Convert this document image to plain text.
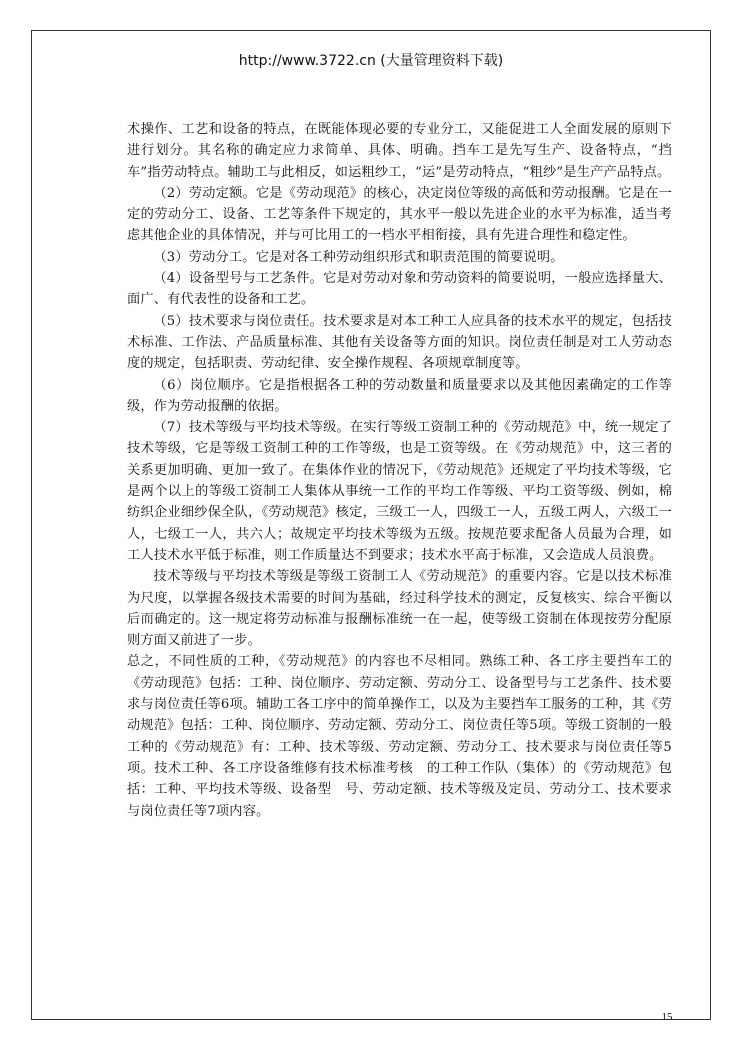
http://www.3722.cn (大量管理资料下载)

术操作、工艺和设备的特点，在既能体现必要的专业分工，又能促进工人全面发展的原则下进行划分。其名称的确定应力求简单、具体、明确。挡车工是先写生产、设备特点，“挡车”指劳动特点。辅助工与此相反，如运粗纱工，“运”是劳动特点，“粗纱”是生产产品特点。

（2）劳动定额。它是《劳动现范》的核心，决定岗位等级的高低和劳动报酬。它是在一定的劳动分工、设备、工艺等条件下规定的，其水平一般以先进企业的水平为标准，适当考虑其他企业的具体情况，并与可比用工的一档水平相衔接，具有先进合理性和稳定性。

（3）劳动分工。它是对各工种劳动组织形式和职责范围的简要说明。

（4）设备型号与工艺条件。它是对劳动对象和劳动资料的简要说明，一般应选择量大、面广、有代表性的设备和工艺。

（5）技术要求与岗位责任。技术要求是对本工种工人应具备的技术水平的规定，包括技术标准、工作法、产品质量标准、其他有关设备等方面的知识。岗位责任制是对工人劳动态度的规定，包括职责、劳动纪律、安全操作规程、各项规章制度等。

（6）岗位顺序。它是指根据各工种的劳动数量和质量要求以及其他因素确定的工作等级，作为劳动报酬的依据。

（7）技术等级与平均技术等级。在实行等级工资制工种的《劳动规范》中，统一规定了技术等级，它是等级工资制工种的工作等级，也是工资等级。在《劳动规范》中，这三者的关系更加明确、更加一致了。在集体作业的情况下，《劳动规范》还规定了平均技术等级，它是两个以上的等级工资制工人集体从事统一工作的平均工作等级、平均工资等级、例如，棉纺织企业细纱保全队，《劳动规范》核定，三级工一人，四级工一人，五级工两人，六级工一人，七级工一人，共六人；故规定平均技术等级为五级。按规范要求配备人员最为合理，如工人技术水平低于标准，则工作质量达不到要求；技术水平高于标准，又会造成人员浪费。

技术等级与平均技术等级是等级工资制工人《劳动规范》的重要内容。它是以技术标准为尺度，以掌握各级技术需要的时间为基础，经过科学技术的测定，反复核实、综合平衡以后而确定的。这一规定将劳动标准与报酬标准统一在一起，使等级工资制在体现按劳分配原则方面又前进了一步。

总之，不同性质的工种，《劳动规范》的内容也不尽相同。熟练工种、各工序主要挡车工的《劳动现范》包括：工种、岗位顺序、劳动定额、劳动分工、设备型号与工艺条件、技术要求与岗位责任等6项。辅助工各工序中的简单操作工，以及为主要挡车工服务的工种，其《劳动规范》包括：工种、岗位顺序、劳动定额、劳动分工、岗位责任等5项。等级工资制的一般工种的《劳动规范》有：工种、技术等级、劳动定额、劳动分工、技术要求与岗位责任等5项。技术工种、各工序设备维修有技术标准考核　的工种工作队（集体）的《劳动规范》包括：工种、平均技术等级、设备型　号、劳动定额、技术等级及定员、劳动分工、技术要求与岗位责任等7项内容。

15
